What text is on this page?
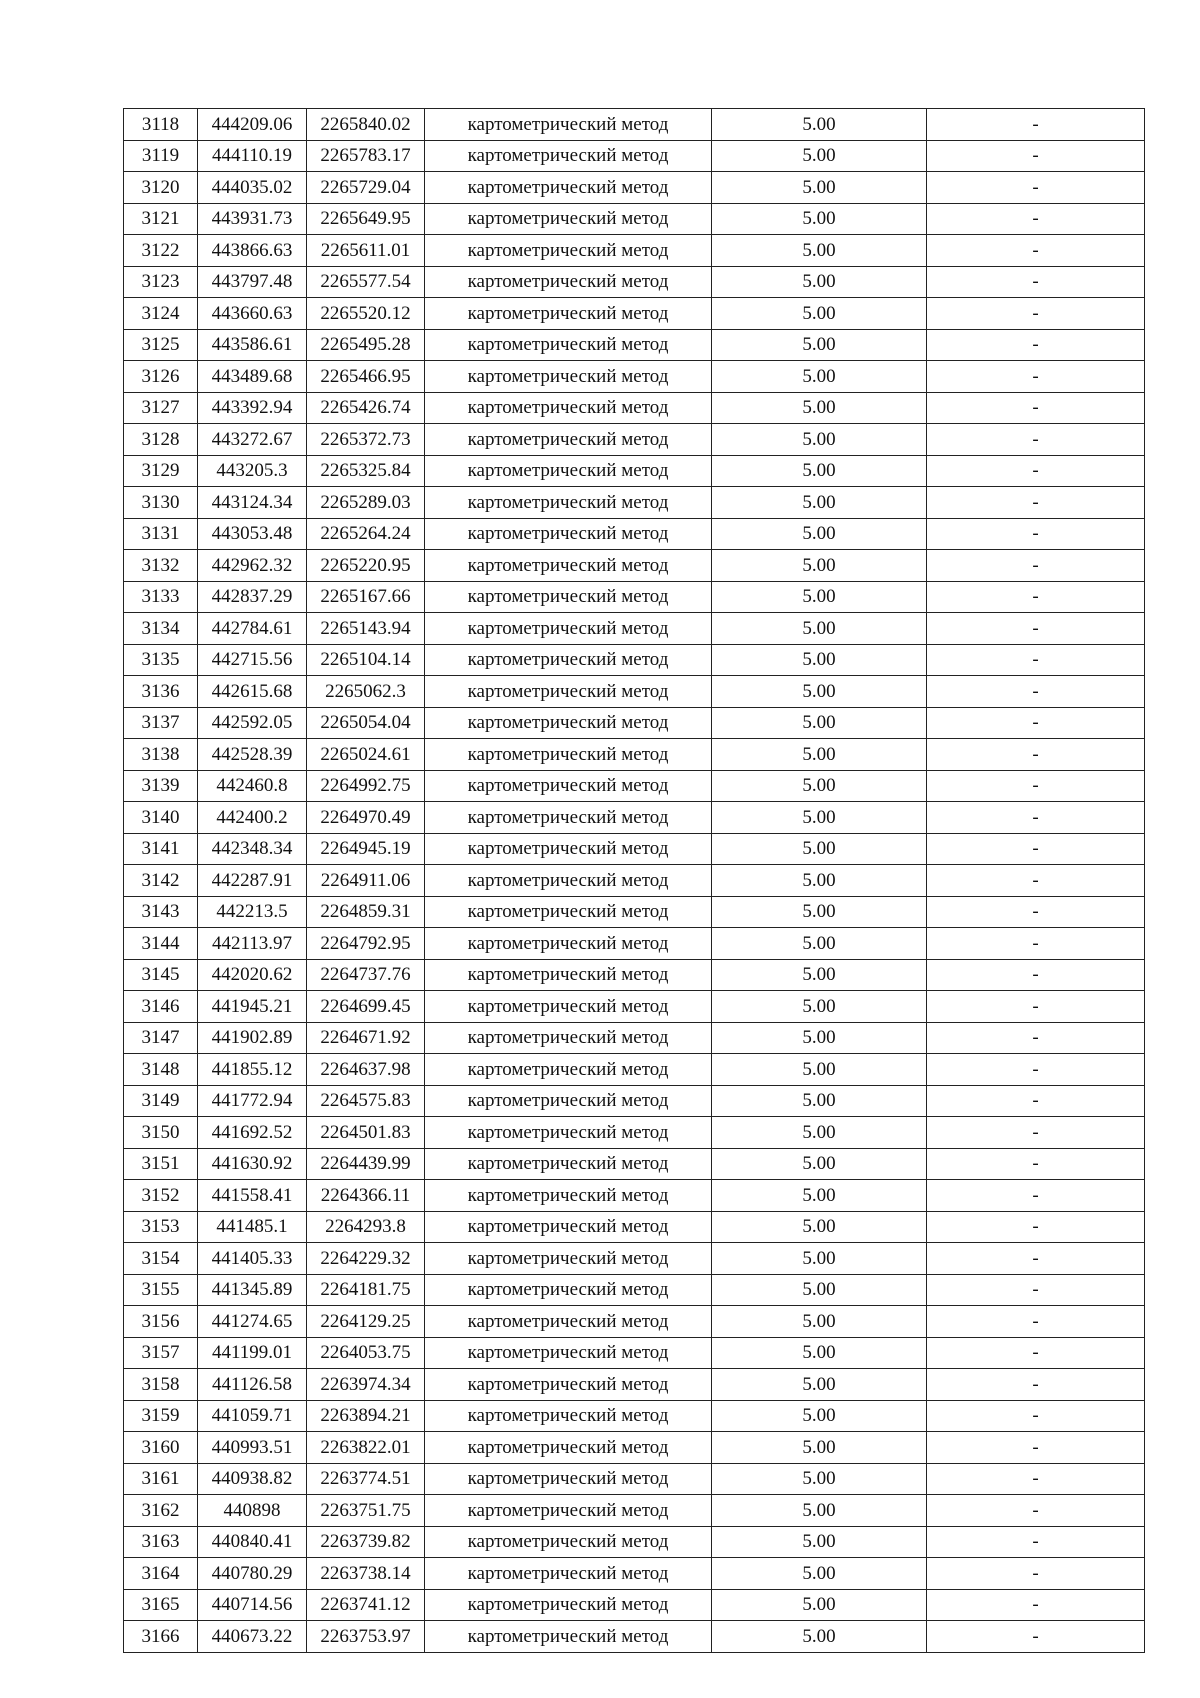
3118	444209.06	2265840.02	картометрический метод	5.00	-
3119	444110.19	2265783.17	картометрический метод	5.00	-
3120	444035.02	2265729.04	картометрический метод	5.00	-
3121	443931.73	2265649.95	картометрический метод	5.00	-
3122	443866.63	2265611.01	картометрический метод	5.00	-
3123	443797.48	2265577.54	картометрический метод	5.00	-
3124	443660.63	2265520.12	картометрический метод	5.00	-
3125	443586.61	2265495.28	картометрический метод	5.00	-
3126	443489.68	2265466.95	картометрический метод	5.00	-
3127	443392.94	2265426.74	картометрический метод	5.00	-
3128	443272.67	2265372.73	картометрический метод	5.00	-
3129	443205.3	2265325.84	картометрический метод	5.00	-
3130	443124.34	2265289.03	картометрический метод	5.00	-
3131	443053.48	2265264.24	картометрический метод	5.00	-
3132	442962.32	2265220.95	картометрический метод	5.00	-
3133	442837.29	2265167.66	картометрический метод	5.00	-
3134	442784.61	2265143.94	картометрический метод	5.00	-
3135	442715.56	2265104.14	картометрический метод	5.00	-
3136	442615.68	2265062.3	картометрический метод	5.00	-
3137	442592.05	2265054.04	картометрический метод	5.00	-
3138	442528.39	2265024.61	картометрический метод	5.00	-
3139	442460.8	2264992.75	картометрический метод	5.00	-
3140	442400.2	2264970.49	картометрический метод	5.00	-
3141	442348.34	2264945.19	картометрический метод	5.00	-
3142	442287.91	2264911.06	картометрический метод	5.00	-
3143	442213.5	2264859.31	картометрический метод	5.00	-
3144	442113.97	2264792.95	картометрический метод	5.00	-
3145	442020.62	2264737.76	картометрический метод	5.00	-
3146	441945.21	2264699.45	картометрический метод	5.00	-
3147	441902.89	2264671.92	картометрический метод	5.00	-
3148	441855.12	2264637.98	картометрический метод	5.00	-
3149	441772.94	2264575.83	картометрический метод	5.00	-
3150	441692.52	2264501.83	картометрический метод	5.00	-
3151	441630.92	2264439.99	картометрический метод	5.00	-
3152	441558.41	2264366.11	картометрический метод	5.00	-
3153	441485.1	2264293.8	картометрический метод	5.00	-
3154	441405.33	2264229.32	картометрический метод	5.00	-
3155	441345.89	2264181.75	картометрический метод	5.00	-
3156	441274.65	2264129.25	картометрический метод	5.00	-
3157	441199.01	2264053.75	картометрический метод	5.00	-
3158	441126.58	2263974.34	картометрический метод	5.00	-
3159	441059.71	2263894.21	картометрический метод	5.00	-
3160	440993.51	2263822.01	картометрический метод	5.00	-
3161	440938.82	2263774.51	картометрический метод	5.00	-
3162	440898	2263751.75	картометрический метод	5.00	-
3163	440840.41	2263739.82	картометрический метод	5.00	-
3164	440780.29	2263738.14	картометрический метод	5.00	-
3165	440714.56	2263741.12	картометрический метод	5.00	-
3166	440673.22	2263753.97	картометрический метод	5.00	-
